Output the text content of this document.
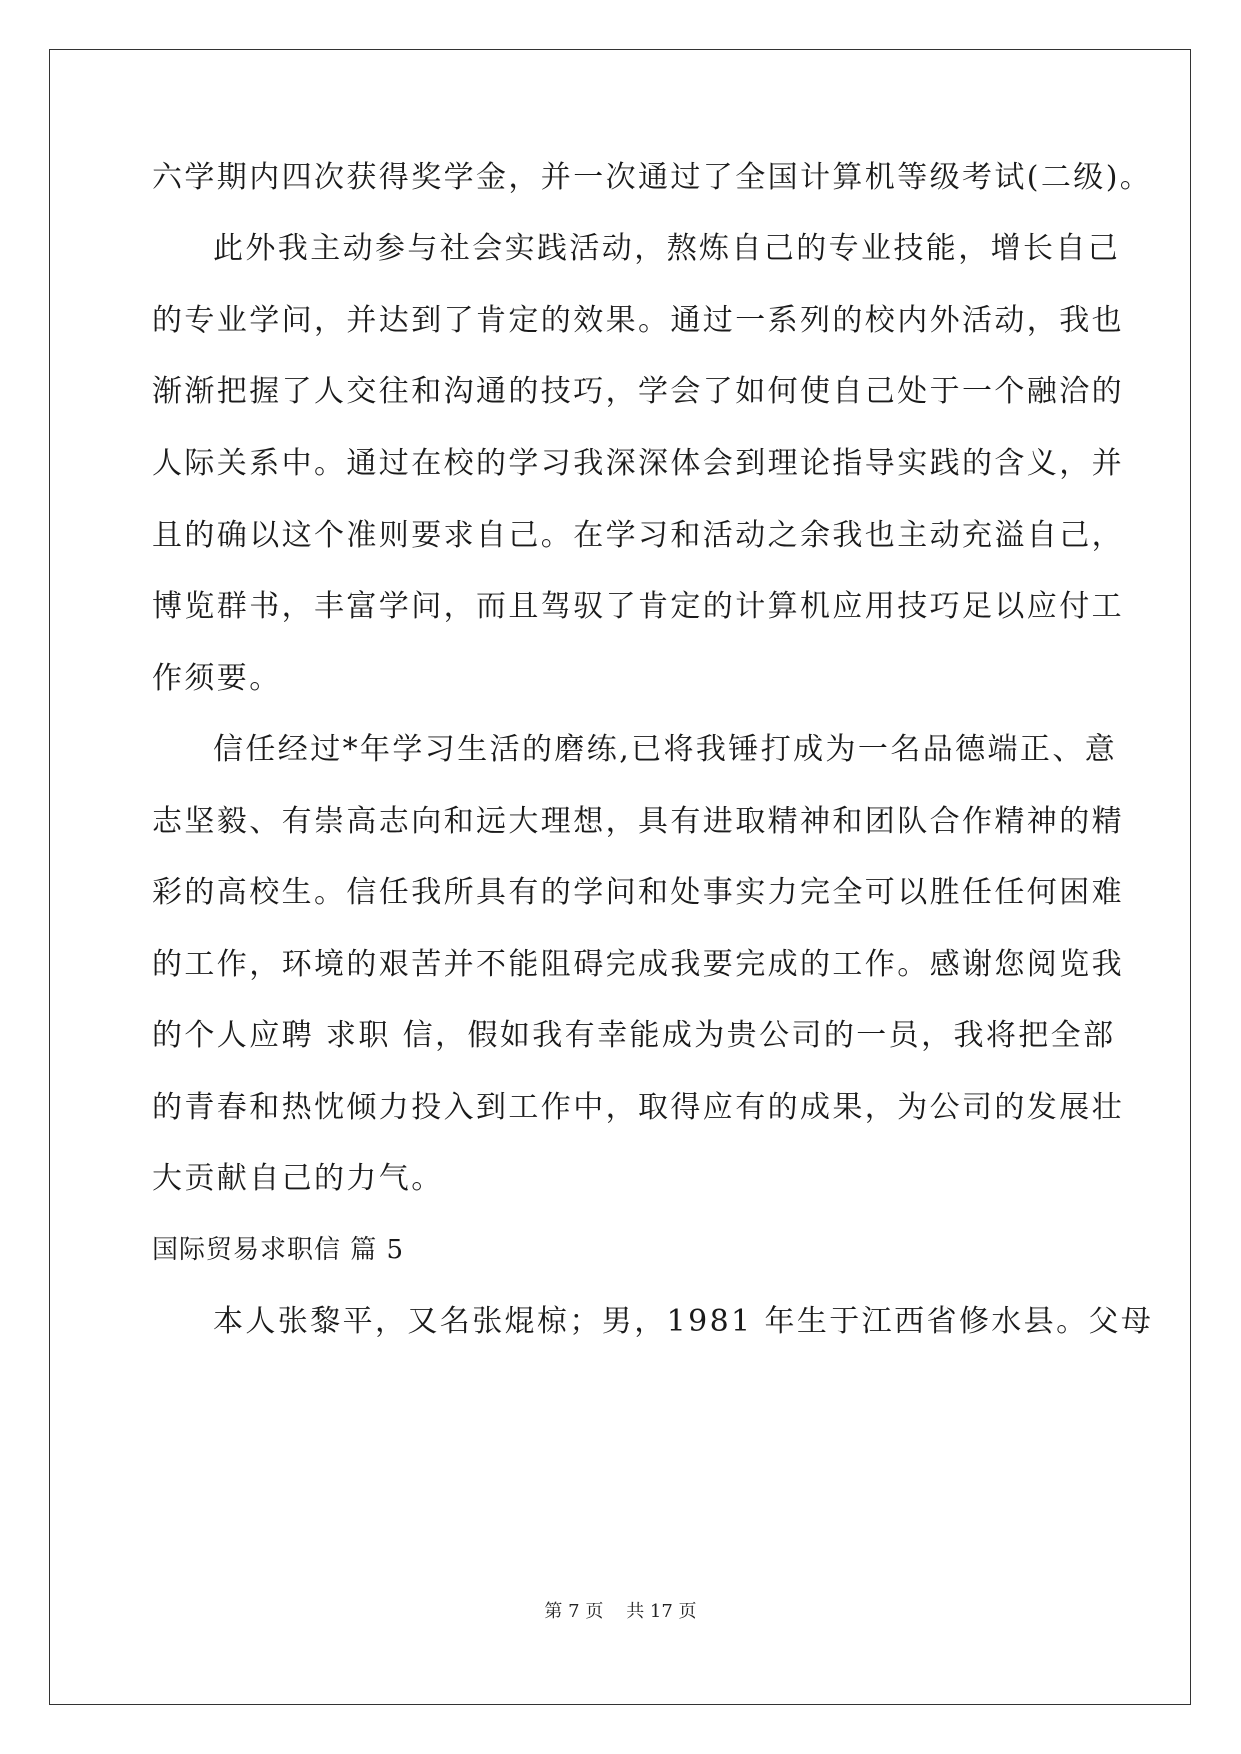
六学期内四次获得奖学金，并一次通过了全国计算机等级考试(二级)。
此外我主动参与社会实践活动，熬炼自己的专业技能，增长自己
的专业学问，并达到了肯定的效果。通过一系列的校内外活动，我也
渐渐把握了人交往和沟通的技巧，学会了如何使自己处于一个融洽的
人际关系中。通过在校的学习我深深体会到理论指导实践的含义，并
且的确以这个准则要求自己。在学习和活动之余我也主动充溢自己，
博览群书，丰富学问，而且驾驭了肯定的计算机应用技巧足以应付工
作须要。
信任经过*年学习生活的磨练,已将我锤打成为一名品德端正、意
志坚毅、有崇高志向和远大理想，具有进取精神和团队合作精神的精
彩的高校生。信任我所具有的学问和处事实力完全可以胜任任何困难
的工作，环境的艰苦并不能阻碍完成我要完成的工作。感谢您阅览我
的个人应聘 求职 信，假如我有幸能成为贵公司的一员，我将把全部
的青春和热忱倾力投入到工作中，取得应有的成果，为公司的发展壮
大贡献自己的力气。
国际贸易求职信 篇 5
本人张黎平，又名张焜椋；男，1981 年生于江西省修水县。父母
第 7 页    共 17 页
